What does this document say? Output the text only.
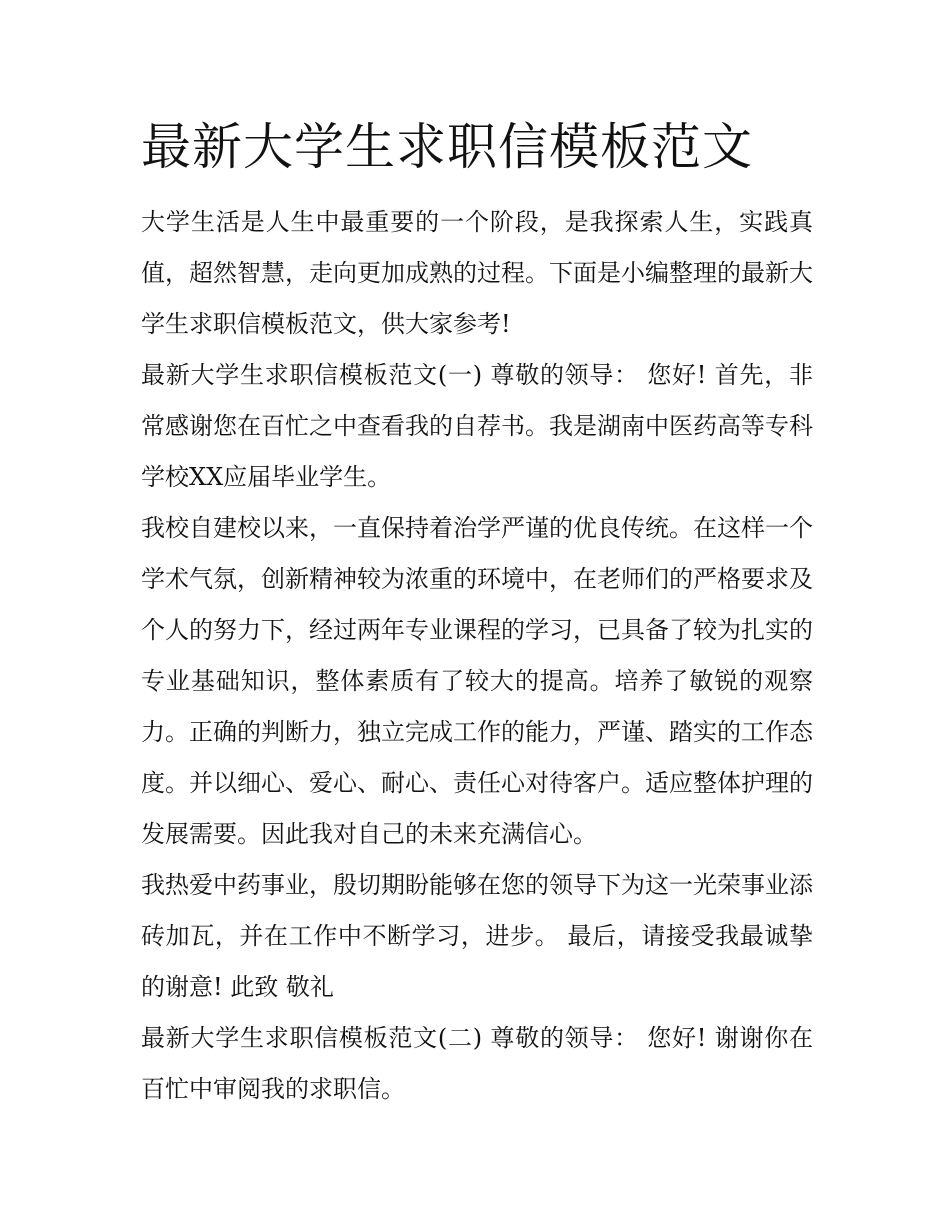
最新大学生求职信模板范文

大学生活是人生中最重要的一个阶段，是我探索人生，实践真值，超然智慧，走向更加成熟的过程。下面是小编整理的最新大学生求职信模板范文，供大家参考!

最新大学生求职信模板范文(一) 尊敬的领导： 您好! 首先，非常感谢您在百忙之中查看我的自荐书。我是湖南中医药高等专科学校XX应届毕业学生。

我校自建校以来，一直保持着治学严谨的优良传统。在这样一个学术气氛，创新精神较为浓重的环境中，在老师们的严格要求及个人的努力下，经过两年专业课程的学习，已具备了较为扎实的专业基础知识，整体素质有了较大的提高。培养了敏锐的观察力。正确的判断力，独立完成工作的能力，严谨、踏实的工作态度。并以细心、爱心、耐心、责任心对待客户。适应整体护理的发展需要。因此我对自己的未来充满信心。

我热爱中药事业，殷切期盼能够在您的领导下为这一光荣事业添砖加瓦，并在工作中不断学习，进步。 最后，请接受我最诚挚的谢意! 此致 敬礼

最新大学生求职信模板范文(二) 尊敬的领导： 您好! 谢谢你在百忙中审阅我的求职信。
